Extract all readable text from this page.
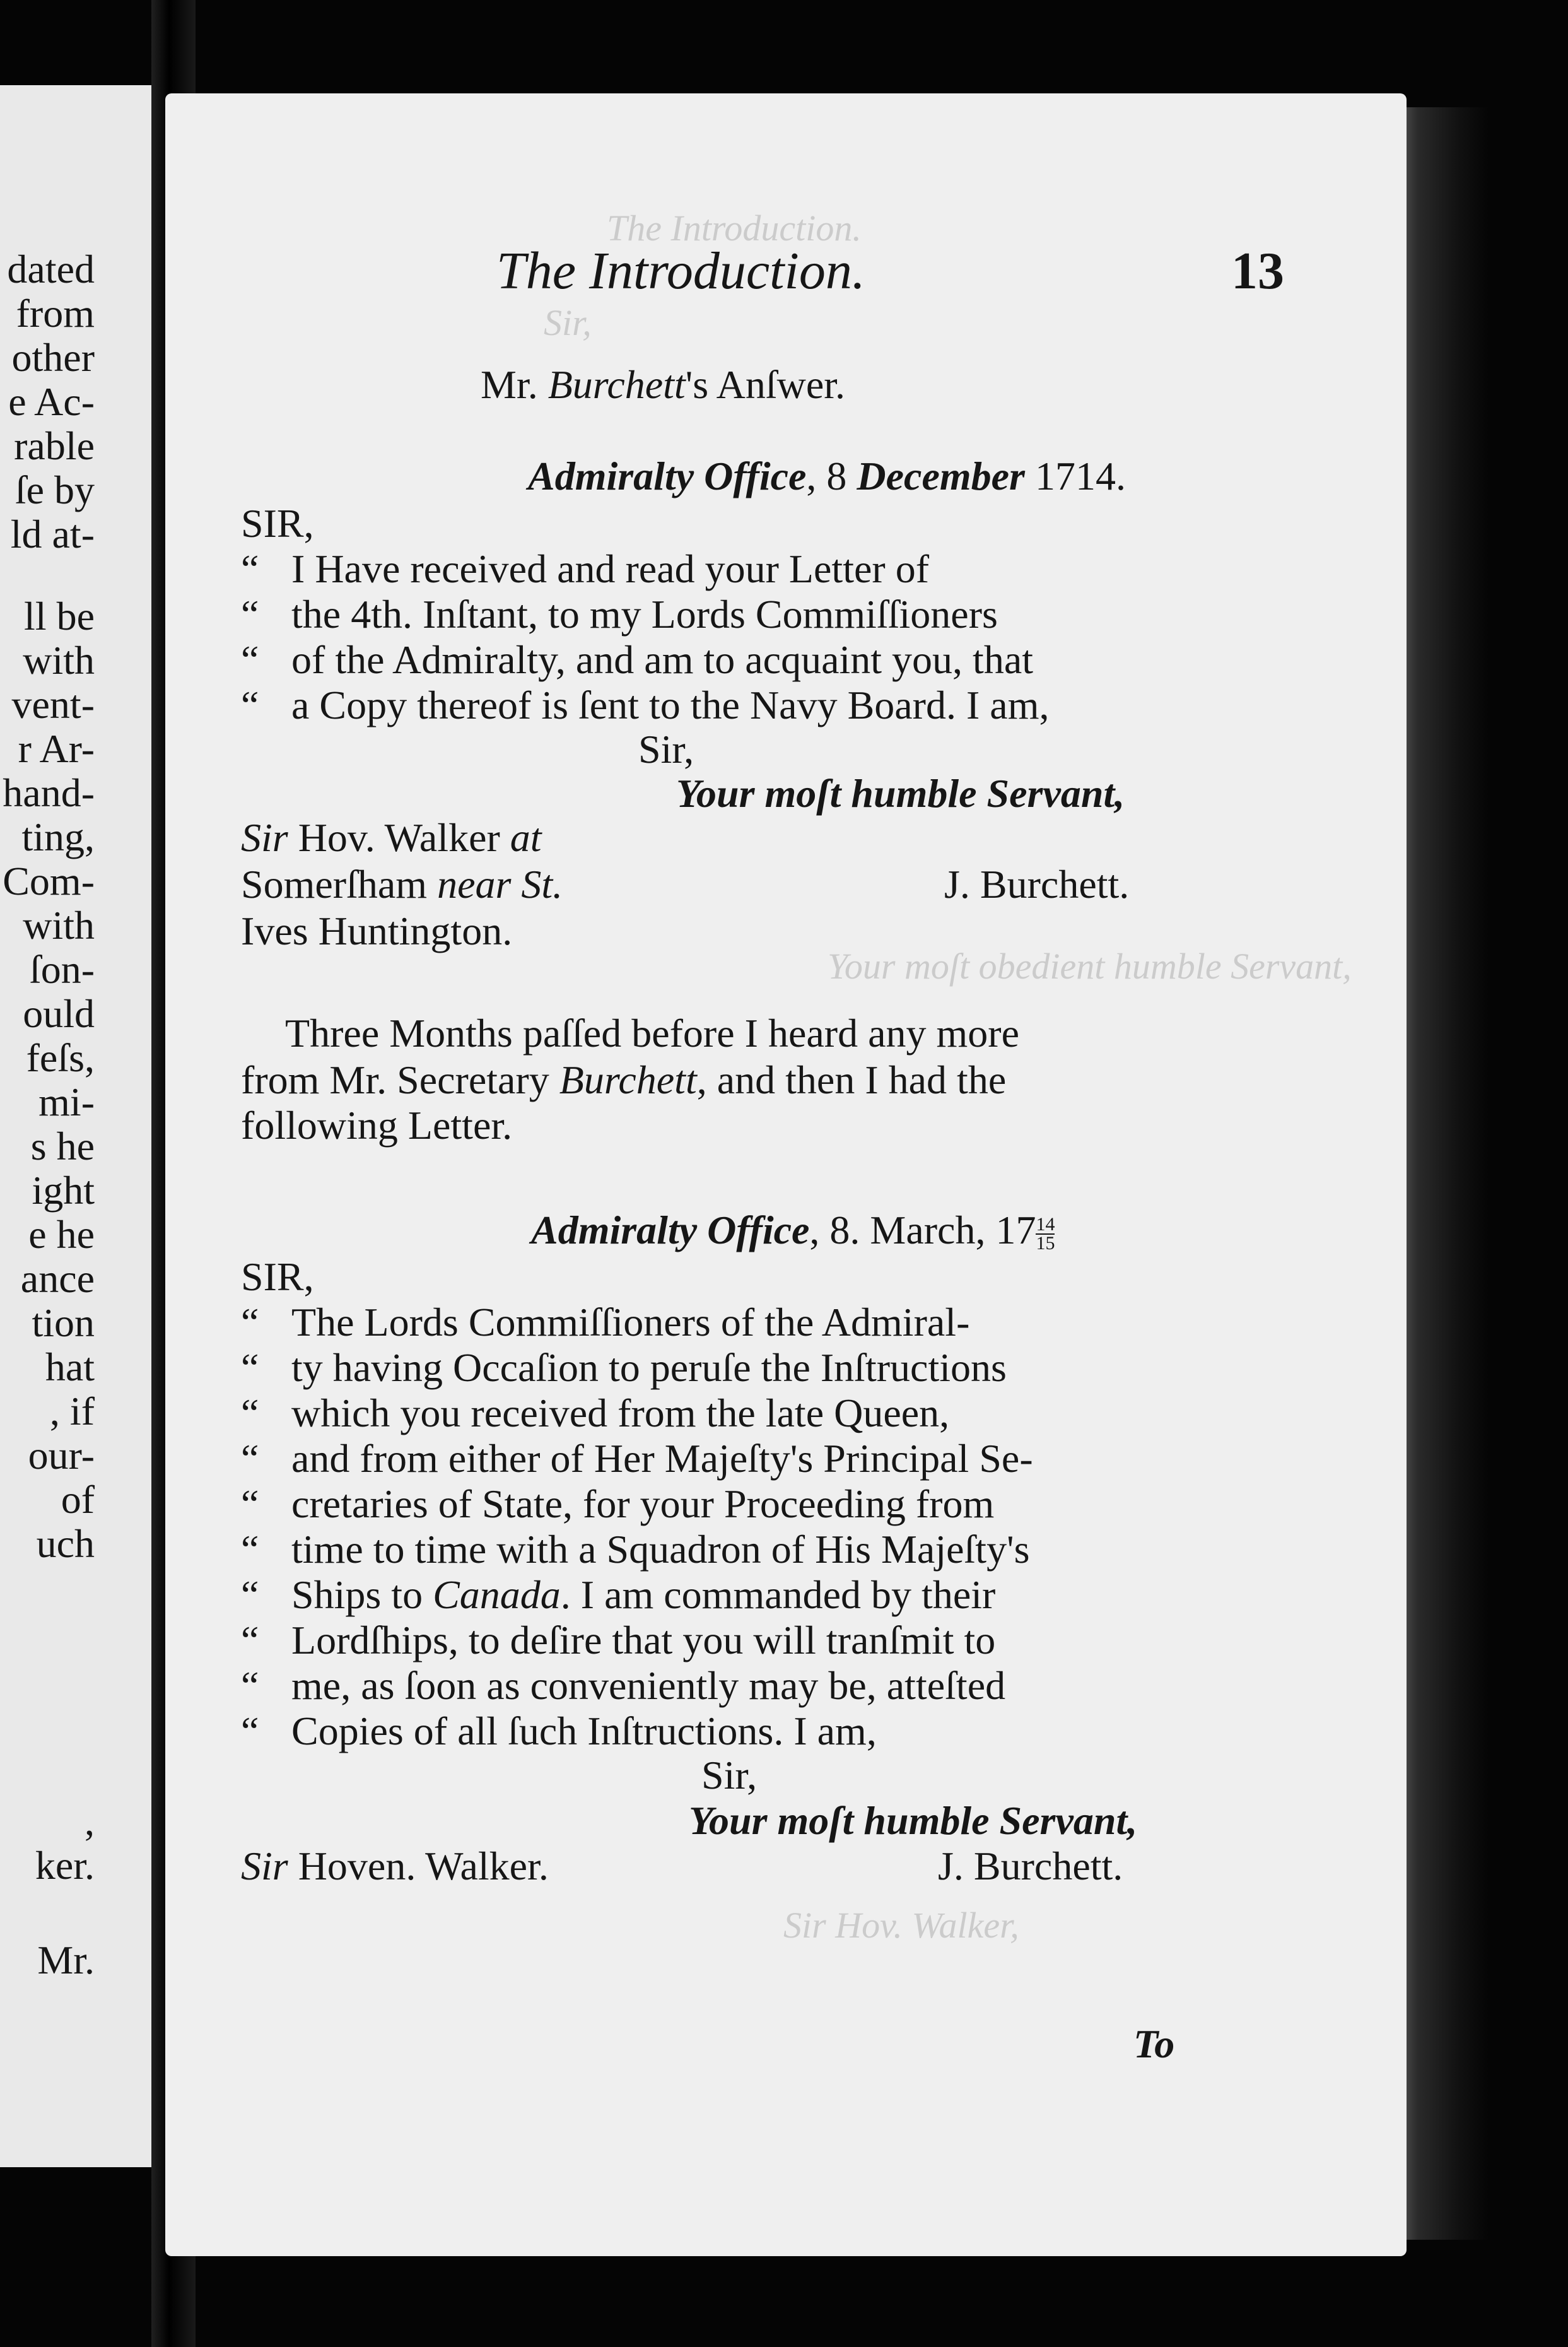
dated
from
other
e Ac-
rable
ſe by
ld at-
ll be
with
vent-
r Ar-
hand-
ting,
Com-
with
ſon-
ould
feſs,
mi-
s he
ight
e he
ance
tion
hat
, if
our-
of
uch
,
ker.
Mr.
The Introduction.
Sir,
Your moſt obedient humble Servant,
Sir Hov. Walker,
The Introduction.	13
Mr. Burchett's Anſwer.
Admiralty Office, 8 December 1714.
SIR,
“ I Have received and read your Letter of
“ the 4th. Inſtant, to my Lords Commiſſioners
“ of the Admiralty, and am to acquaint you, that
“ a Copy thereof is ſent to the Navy Board. I am,
Sir,
Your moſt humble Servant,
Sir Hov. Walker at
Somerſham near St.	J. Burchett.
Ives Huntington.
Three Months paſſed before I heard any more
from Mr. Secretary Burchett, and then I had the
following Letter.
Admiralty Office, 8. March, $17 \frac{14}{15}$
SIR,
“ The Lords Commiſſioners of the Admiral-
“ ty having Occaſion to peruſe the Inſtructions
“ which you received from the late Queen,
“ and from either of Her Majeſty's Principal Se-
“ cretaries of State, for your Proceeding from
“ time to time with a Squadron of His Majeſty's
“ Ships to Canada. I am commanded by their
“ Lordſhips, to deſire that you will tranſmit to
“ me, as ſoon as conveniently may be, atteſted
“ Copies of all ſuch Inſtructions. I am,
Sir,
Your moſt humble Servant,
Sir Hoven. Walker.	J. Burchett.
To
